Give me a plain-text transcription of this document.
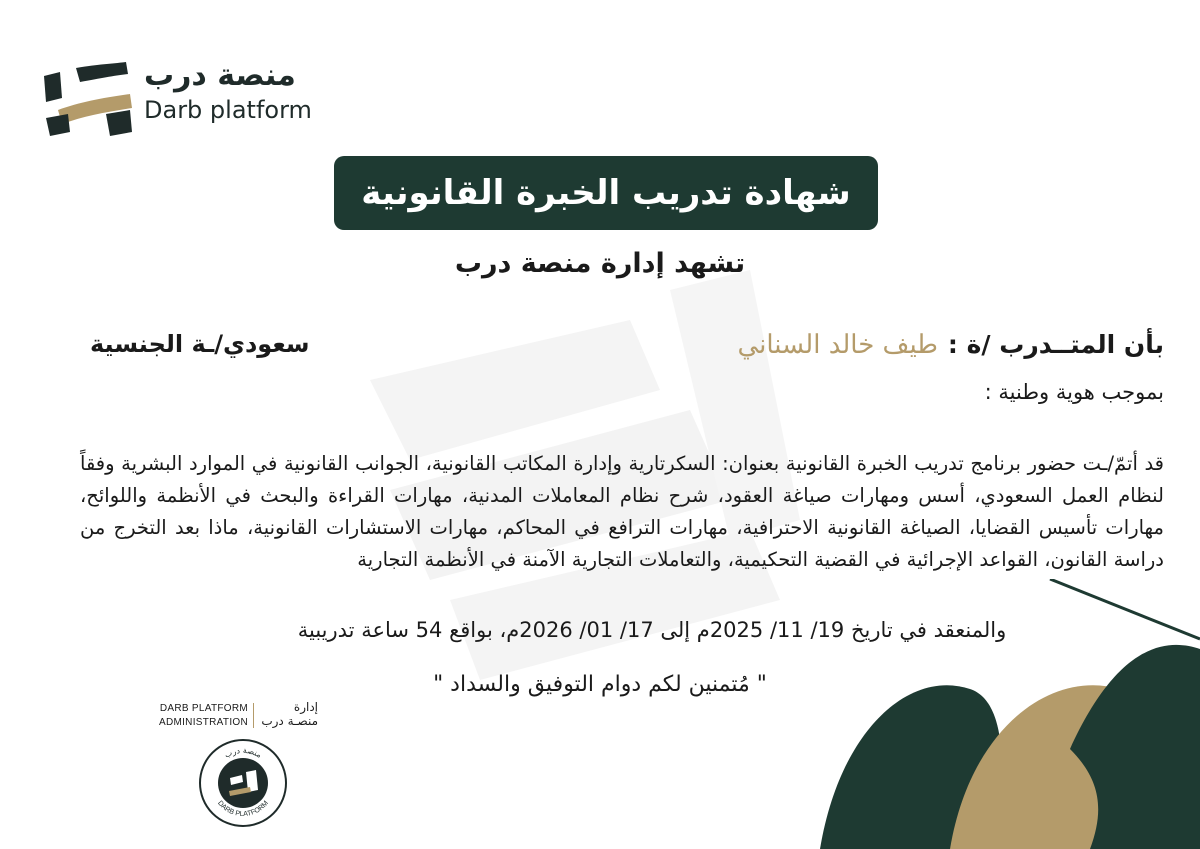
منصة درب
Darb platform
شهادة تدريب الخبرة القانونية
تشهد إدارة منصة درب
بأن المتــدرب /ة :
طيف خالد السناني
سعودي/ـة الجنسية
بموجب هوية وطنية :
قد أتمّ/ـت حضور برنامج تدريب الخبرة القانونية بعنوان: السكرتارية وإدارة المكاتب القانونية، الجوانب القانونية في الموارد البشرية وفقاً لنظام العمل السعودي، أسس ومهارات صياغة العقود، شرح نظام المعاملات المدنية، مهارات القراءة والبحث في الأنظمة واللوائح، مهارات تأسيس القضايا، الصياغة القانونية الاحترافية، مهارات الترافع في المحاكم، مهارات الاستشارات القانونية، ماذا بعد التخرج من دراسة القانون، القواعد الإجرائية في القضية التحكيمية، والتعاملات التجارية الآمنة في الأنظمة التجارية
والمنعقد في تاريخ 19/ 11/ 2025م إلى 17/ 01/ 2026م، بواقع 54 ساعة تدريبية
" مُتمنين لكم دوام التوفيق والسداد "
DARB PLATFORM
ADMINISTRATION
إدارة
منصـة درب
منصة درب
DARB PLATFORM
